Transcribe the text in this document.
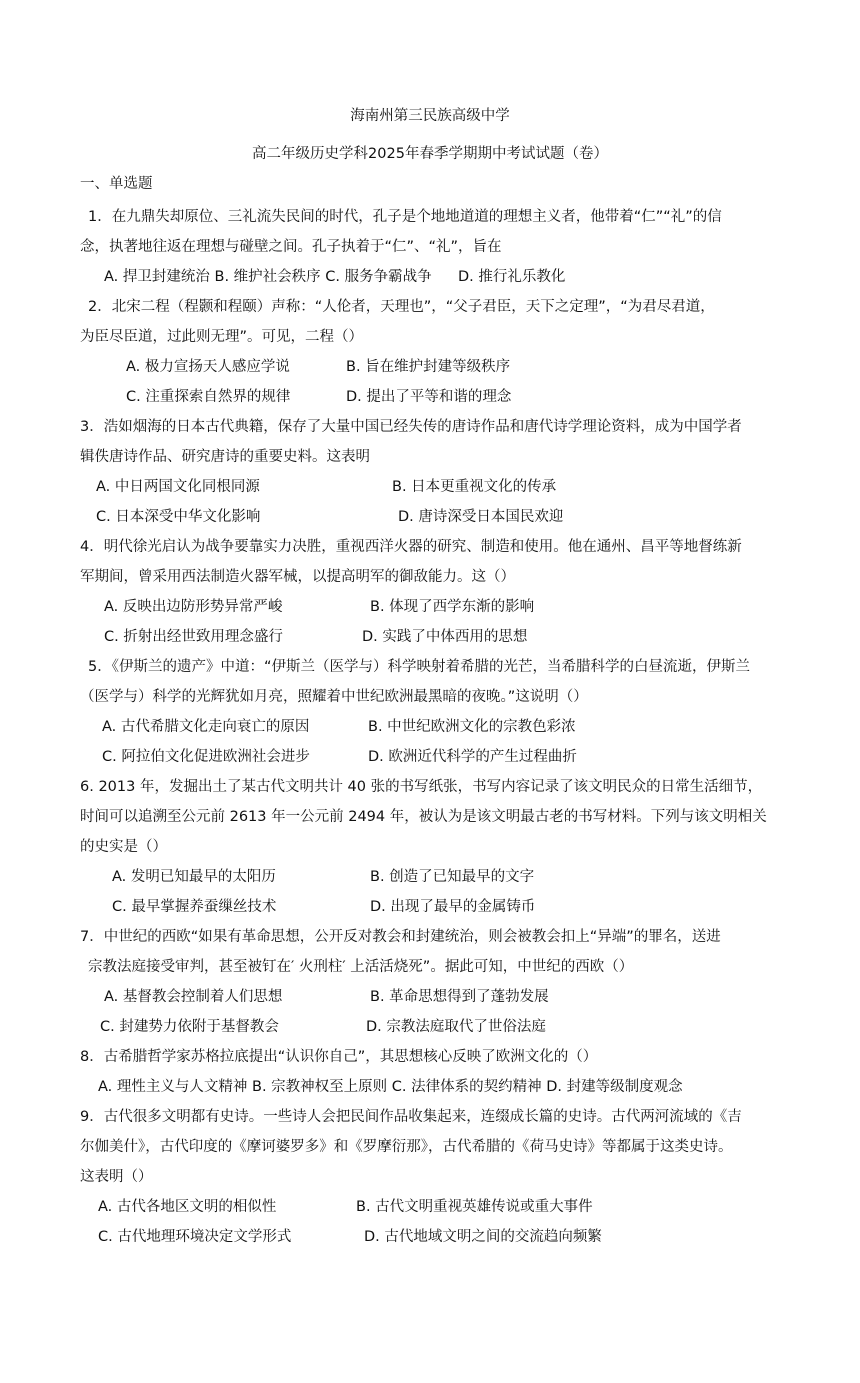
海南州第三民族高级中学
高二年级历史学科2025年春季学期期中考试试题（卷）
一、单选题

1．在九鼎失却原位、三礼流失民间的时代，孔子是个地地道道的理想主义者，他带着“仁”“礼”的信

念，执著地往返在理想与碰壁之间。孔子执着于“仁”、“礼”，旨在

A. 捍卫封建统治 B. 维护社会秩序 C. 服务争霸战争 D. 推行礼乐教化

2．北宋二程（程颢和程颐）声称：“人伦者，天理也”，“父子君臣，天下之定理”，“为君尽君道，

为臣尽臣道，过此则无理”。可见，二程（）

A. 极力宣扬天人感应学说	B. 旨在维护封建等级秩序
C. 注重探索自然界的规律	D. 提出了平等和谐的理念

3．浩如烟海的日本古代典籍，保存了大量中国已经失传的唐诗作品和唐代诗学理论资料，成为中国学者

辑佚唐诗作品、研究唐诗的重要史料。这表明

A. 中日两国文化同根同源	B. 日本更重视文化的传承
C. 日本深受中华文化影响	D. 唐诗深受日本国民欢迎

4．明代徐光启认为战争要靠实力决胜，重视西洋火器的研究、制造和使用。他在通州、昌平等地督练新

军期间，曾采用西法制造火器军械，以提高明军的御敌能力。这（）

A. 反映出边防形势异常严峻	B. 体现了西学东渐的影响
C. 折射出经世致用理念盛行	D. 实践了中体西用的思想

5．《伊斯兰的遗产》中道：“伊斯兰（医学与）科学映射着希腊的光芒，当希腊科学的白昼流逝，伊斯兰

（医学与）科学的光辉犹如月亮，照耀着中世纪欧洲最黑暗的夜晚。”这说明（）

A. 古代希腊文化走向衰亡的原因	B. 中世纪欧洲文化的宗教色彩浓
C. 阿拉伯文化促进欧洲社会进步	D. 欧洲近代科学的产生过程曲折

6. 2013 年，发掘出土了某古代文明共计 40 张的书写纸张，书写内容记录了该文明民众的日常生活细节，

时间可以追溯至公元前 2613 年一公元前 2494 年，被认为是该文明最古老的书写材料。下列与该文明相关

的史实是（）

A. 发明已知最早的太阳历	B. 创造了已知最早的文字
C. 最早掌握养蚕缫丝技术	D. 出现了最早的金属铸币

7．中世纪的西欧“如果有革命思想，公开反对教会和封建统治，则会被教会扣上“异端”的罪名，送进

宗教法庭接受审判，甚至被钉在′ 火刑柱′ 上活活烧死”。据此可知，中世纪的西欧（）

A. 基督教会控制着人们思想	B. 革命思想得到了蓬勃发展
C. 封建势力依附于基督教会	D. 宗教法庭取代了世俗法庭

8．古希腊哲学家苏格拉底提出“认识你自己”，其思想核心反映了欧洲文化的（）

A. 理性主义与人文精神 B. 宗教神权至上原则 C. 法律体系的契约精神 D. 封建等级制度观念

9．古代很多文明都有史诗。一些诗人会把民间作品收集起来，连缀成长篇的史诗。古代两河流域的《吉

尔伽美什》，古代印度的《摩诃婆罗多》和《罗摩衍那》，古代希腊的《荷马史诗》等都属于这类史诗。

这表明（）

A. 古代各地区文明的相似性	B. 古代文明重视英雄传说或重大事件
C. 古代地理环境决定文学形式	D. 古代地域文明之间的交流趋向频繁
